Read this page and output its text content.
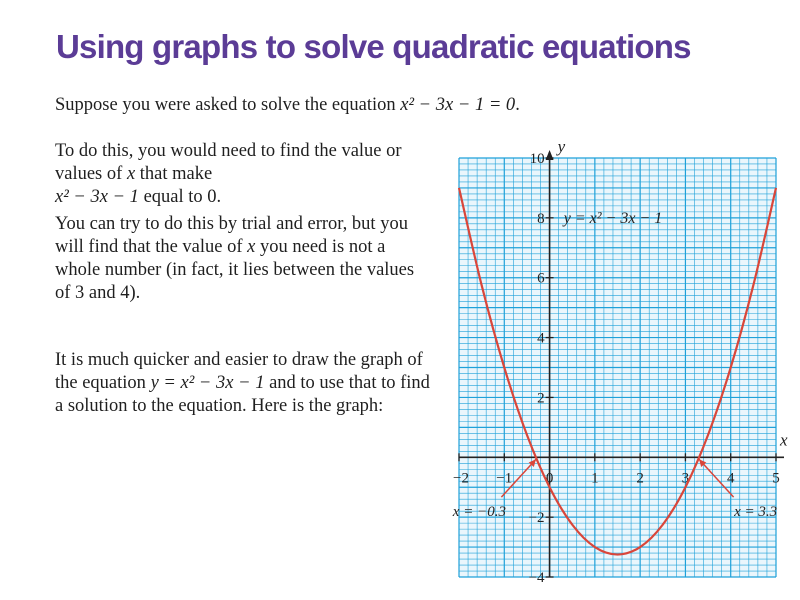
Using graphs to solve quadratic equations
Suppose you were asked to solve the equation x² − 3x − 1 = 0.
To do this, you would need to find the value or
values of x that make
x² − 3x − 1 equal to 0.
You can try to do this by trial and error, but you
will find that the value of x you need is not a
whole number (in fact, it lies between the values
of 3 and 4).
It is much quicker and easier to draw the graph of
the equation y = x² − 3x − 1 and to use that to find
a solution to the equation. Here is the graph:
−2 −1 0	1	2	3	4	5
−4
−2
2
4
6
8
10
x
y
y = x² − 3x − 1
x = −0.3	x = 3.3
